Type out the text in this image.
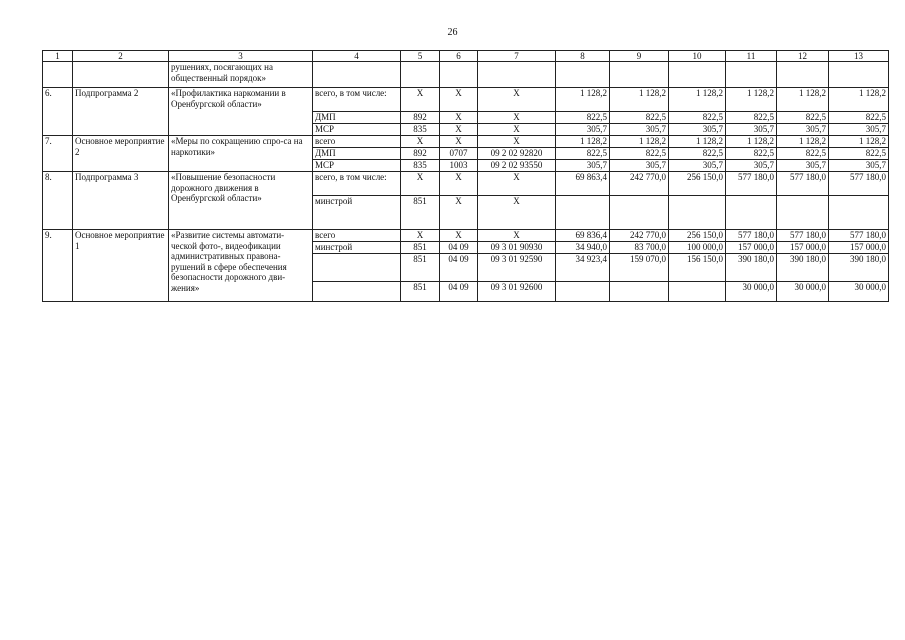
26
1	2	3	4	5	6	7	8	9	10	11	12	13
		рушениях, посягающих на общественный порядок»										
6.	Подпрограмма 2	«Профилактика наркомании в Оренбургской области»	всего, в том числе:	X	X	X	1 128,2	1 128,2	1 128,2	1 128,2	1 128,2	1 128,2
			ДМП	892	X	X	822,5	822,5	822,5	822,5	822,5	822,5
			МСР	835	X	X	305,7	305,7	305,7	305,7	305,7	305,7
7.	Основное мероприятие 2	«Меры по сокращению спро-са на наркотики»	всего	X	X	X	1 128,2	1 128,2	1 128,2	1 128,2	1 128,2	1 128,2
			ДМП	892	0707	09 2 02 92820	822,5	822,5	822,5	822,5	822,5	822,5
			МСР	835	1003	09 2 02 93550	305,7	305,7	305,7	305,7	305,7	305,7
8.	Подпрограмма 3	«Повышение безопасности дорожного движения в Оренбургской области»	всего, в том числе:	X	X	X	69 863,4	242 770,0	256 150,0	577 180,0	577 180,0	577 180,0
			минстрой	851	X	X						
9.	Основное мероприятие 1	«Развитие системы автомати-ческой фото-, видеофикации административных правона-рушений в сфере обеспечения безопасности дорожного дви-жения»	всего	X	X	X	69 836,4	242 770,0	256 150,0	577 180,0	577 180,0	577 180,0
			минстрой	851	04 09	09 3 01 90930	34 940,0	83 700,0	100 000,0	157 000,0	157 000,0	157 000,0
				851	04 09	09 3 01 92590	34 923,4	159 070,0	156 150,0	390 180,0	390 180,0	390 180,0
				851	04 09	09 3 01 92600				30 000,0	30 000,0	30 000,0
